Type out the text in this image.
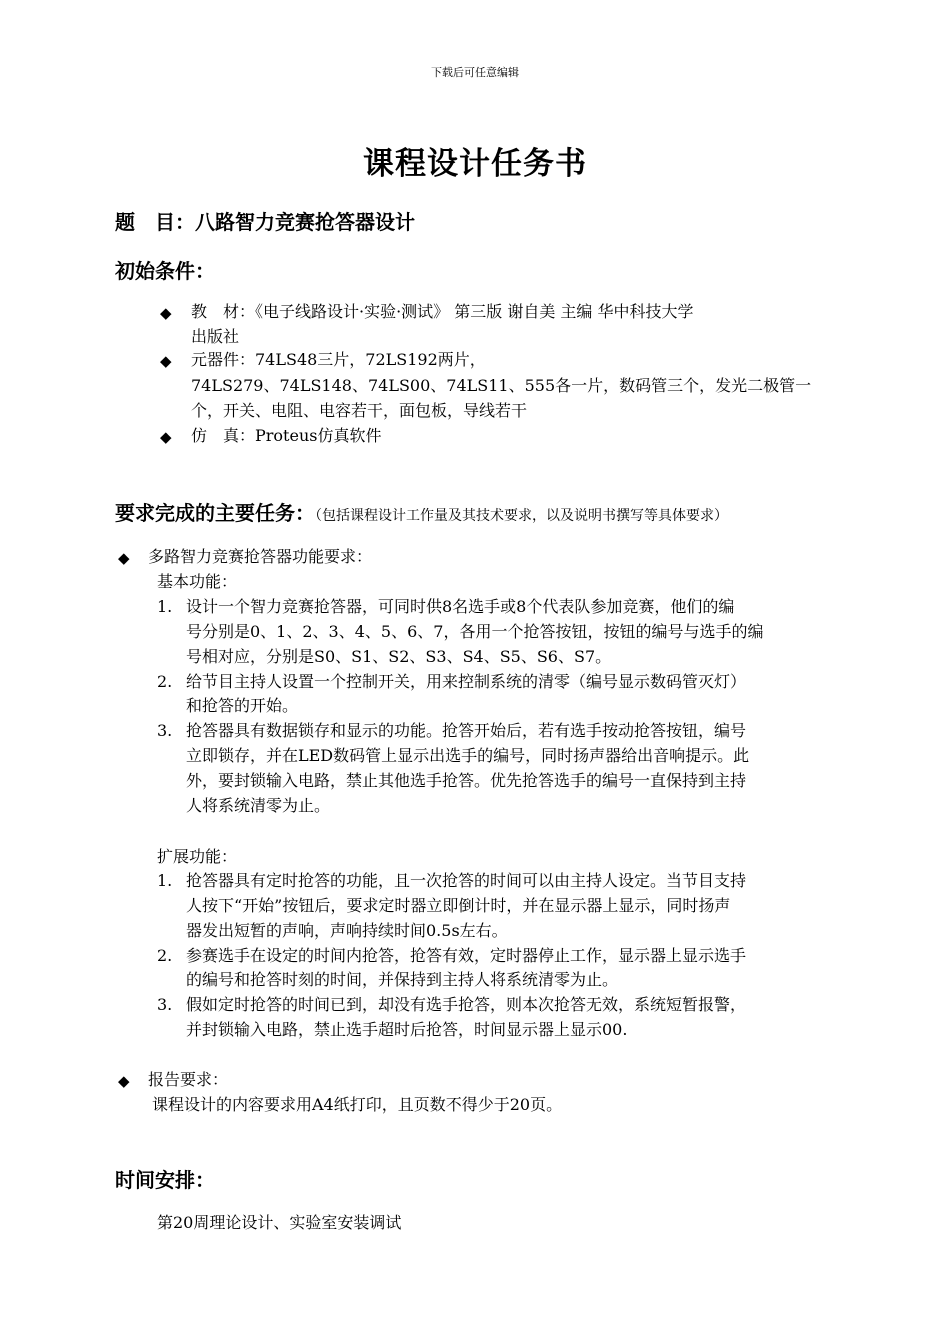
下载后可任意编辑
课程设计任务书
题　目：八路智力竞赛抢答器设计
初始条件：
◆ 教　材：《电子线路设计·实验·测试》 第三版 谢自美 主编 华中科技大学
出版社
◆ 元器件：74LS48三片，72LS192两片，
74LS279、74LS148、74LS00、74LS11、555各一片，数码管三个，发光二极管一
个，开关、电阻、电容若干，面包板，导线若干
◆ 仿　真：Proteus仿真软件
要求完成的主要任务：（包括课程设计工作量及其技术要求，以及说明书撰写等具体要求）
◆ 多路智力竞赛抢答器功能要求：
基本功能：
1. 设计一个智力竞赛抢答器，可同时供8名选手或8个代表队参加竞赛，他们的编
号分别是0、1、2、3、4、5、6、7，各用一个抢答按钮，按钮的编号与选手的编
号相对应，分别是S0、S1、S2、S3、S4、S5、S6、S7。
2. 给节目主持人设置一个控制开关，用来控制系统的清零（编号显示数码管灭灯）
和抢答的开始。
3. 抢答器具有数据锁存和显示的功能。抢答开始后，若有选手按动抢答按钮，编号
立即锁存，并在LED数码管上显示出选手的编号，同时扬声器给出音响提示。此
外，要封锁输入电路，禁止其他选手抢答。优先抢答选手的编号一直保持到主持
人将系统清零为止。
扩展功能：
1. 抢答器具有定时抢答的功能，且一次抢答的时间可以由主持人设定。当节目支持
人按下“开始”按钮后，要求定时器立即倒计时，并在显示器上显示，同时扬声
器发出短暂的声响，声响持续时间0.5s左右。
2. 参赛选手在设定的时间内抢答，抢答有效，定时器停止工作，显示器上显示选手
的编号和抢答时刻的时间，并保持到主持人将系统清零为止。
3. 假如定时抢答的时间已到，却没有选手抢答，则本次抢答无效，系统短暂报警，
并封锁输入电路，禁止选手超时后抢答，时间显示器上显示00.
◆ 报告要求：
课程设计的内容要求用A4纸打印，且页数不得少于20页。
时间安排：
第20周理论设计、实验室安装调试
